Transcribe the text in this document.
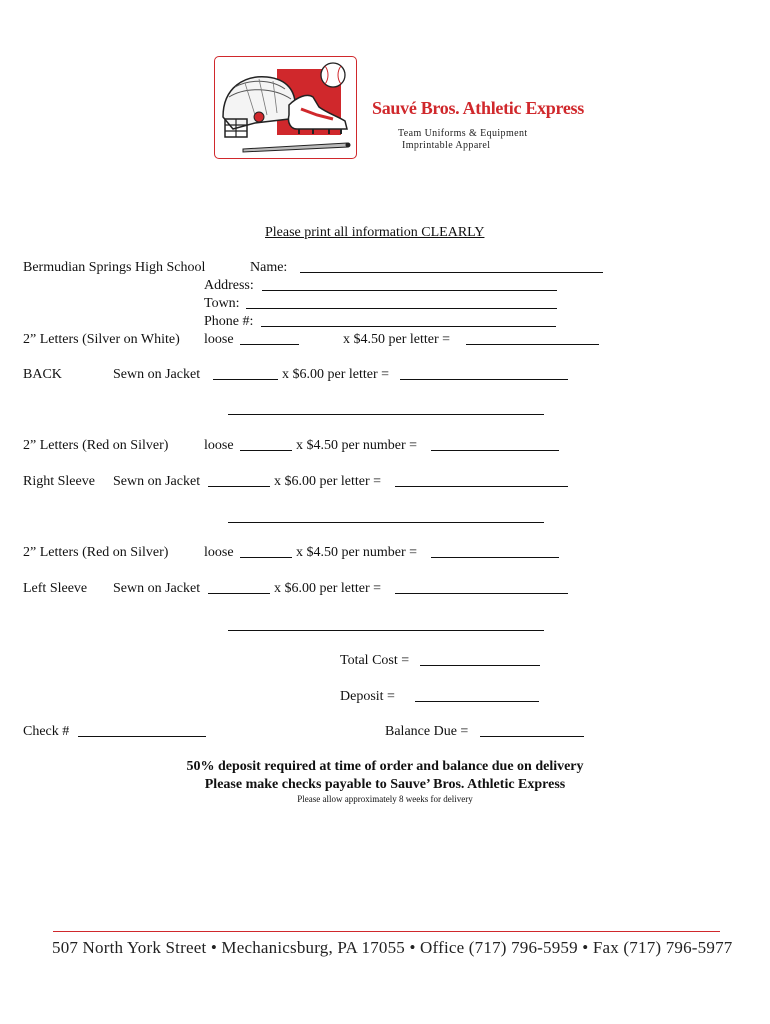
Sauvé Bros. Athletic Express
Team Uniforms & Equipment
Imprintable Apparel
Please print all information CLEARLY
Bermudian Springs High School	Name:
Address:
Town:
Phone #:
2” Letters (Silver on White) loose	x $4.50 per letter =
BACK	Sewn on Jacket	x $6.00 per letter =
2” Letters (Red on Silver)	loose	x $4.50 per number =
Right Sleeve Sewn on Jacket	x $6.00 per letter =
2” Letters (Red on Silver)	loose	x $4.50 per number =
Left Sleeve Sewn on Jacket	x $6.00 per letter =
Total Cost =
Deposit =
Check #	Balance Due =
50% deposit required at time of order and balance due on delivery
Please make checks payable to Sauve’ Bros. Athletic Express
Please allow approximately 8 weeks for delivery
507 North York Street • Mechanicsburg, PA 17055 • Office (717) 796-5959 • Fax (717) 796-5977
